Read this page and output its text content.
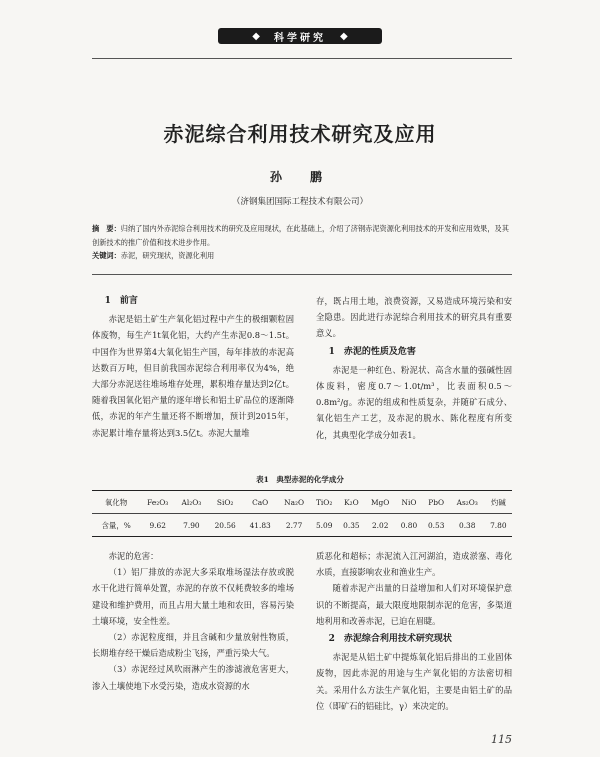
◆ 科学研究 ◆
赤泥综合利用技术研究及应用
孙　鹏
（济钢集团国际工程技术有限公司）
摘　要：归纳了国内外赤泥综合利用技术的研究及应用现状，在此基础上，介绍了济钢赤泥资源化利用技术的开发和应用效果，及其创新技术的推广价值和技术进步作用。
关键词：赤泥，研究现状，资源化利用
1　前言

赤泥是铝土矿生产氧化铝过程中产生的极细颗粒固体废物，每生产1t氧化铝，大约产生赤泥0.8～1.5t。中国作为世界第4大氧化铝生产国，每年排放的赤泥高达数百万吨，但目前我国赤泥综合利用率仅为4%，绝大部分赤泥送往堆场堆存处理，累积堆存量达到2亿t。随着我国氧化铝产量的逐年增长和铝土矿品位的逐渐降低，赤泥的年产生量还将不断增加，预计到2015年，赤泥累计堆存量将达到3.5亿t。赤泥大量堆

存，既占用土地，浪费资源，又易造成环境污染和安全隐患。因此进行赤泥综合利用技术的研究具有重要意义。

1　赤泥的性质及危害

赤泥是一种红色、粉泥状、高含水量的强碱性固体废料，密度0.7～1.0t/m³，比表面积0.5～0.8m²/g。赤泥的组成和性质复杂，并随矿石成分、氧化铝生产工艺，及赤泥的脱水、陈化程度有所变化，其典型化学成分如表1。

表1　典型赤泥的化学成分
氧化物	Fe₂O₃	Al₂O₃	SiO₂	CaO	Na₂O	TiO₂	K₂O	MgO	NiO	PbO	As₂O₃	灼碱
含量，%	9.62	7.90	20.56	41.83	2.77	5.09	0.35	2.02	0.80	0.53	0.38	7.80

赤泥的危害：

（1）铝厂排放的赤泥大多采取堆场湿法存放或脱水干化进行简单处置，赤泥的存放不仅耗费较多的堆场建设和维护费用，而且占用大量土地和农田，容易污染土壤环境，安全性差。

（2）赤泥粒度细，并且含碱和少量放射性物质，长期堆存经干燥后造成粉尘飞扬，严重污染大气。

（3）赤泥经过风吹雨淋产生的渗滤液危害更大，渗入土壤使地下水受污染，造成水资源的水

质恶化和超标；赤泥流入江河湖泊，造成淤塞、毒化水质，直接影响农业和渔业生产。

随着赤泥产出量的日益增加和人们对环境保护意识的不断提高，最大限度地限制赤泥的危害，多渠道地利用和改善赤泥，已迫在眉睫。

2　赤泥综合利用技术研究现状

赤泥是从铝土矿中提炼氧化铝后排出的工业固体废物，因此赤泥的用途与生产氧化铝的方法密切相关。采用什么方法生产氧化铝，主要是由铝土矿的品位（即矿石的铝硅比，γ）来决定的。

115
